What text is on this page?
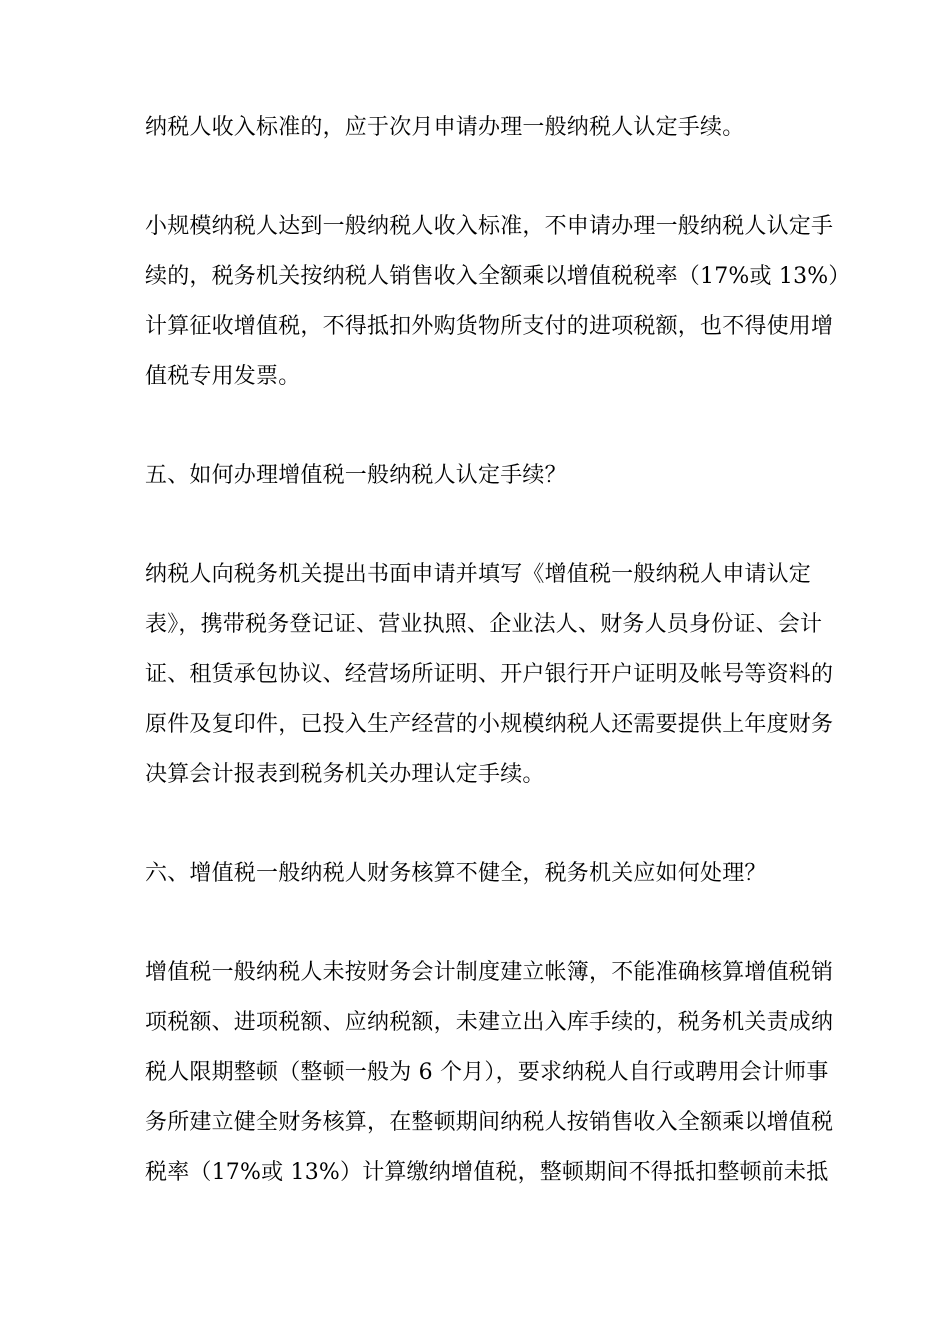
纳税人收入标准的，应于次月申请办理一般纳税人认定手续。
小规模纳税人达到一般纳税人收入标准，不申请办理一般纳税人认定手
续的，税务机关按纳税人销售收入全额乘以增值税税率（17%或 13%）
计算征收增值税，不得抵扣外购货物所支付的进项税额，也不得使用增
值税专用发票。
五、如何办理增值税一般纳税人认定手续？
纳税人向税务机关提出书面申请并填写《增值税一般纳税人申请认定
表》，携带税务登记证、营业执照、企业法人、财务人员身份证、会计
证、租赁承包协议、经营场所证明、开户银行开户证明及帐号等资料的
原件及复印件，已投入生产经营的小规模纳税人还需要提供上年度财务
决算会计报表到税务机关办理认定手续。
六、增值税一般纳税人财务核算不健全，税务机关应如何处理？
增值税一般纳税人未按财务会计制度建立帐簿，不能准确核算增值税销
项税额、进项税额、应纳税额，未建立出入库手续的，税务机关责成纳
税人限期整顿（整顿一般为 6 个月），要求纳税人自行或聘用会计师事
务所建立健全财务核算，在整顿期间纳税人按销售收入全额乘以增值税
税率（17%或 13%）计算缴纳增值税，整顿期间不得抵扣整顿前未抵
